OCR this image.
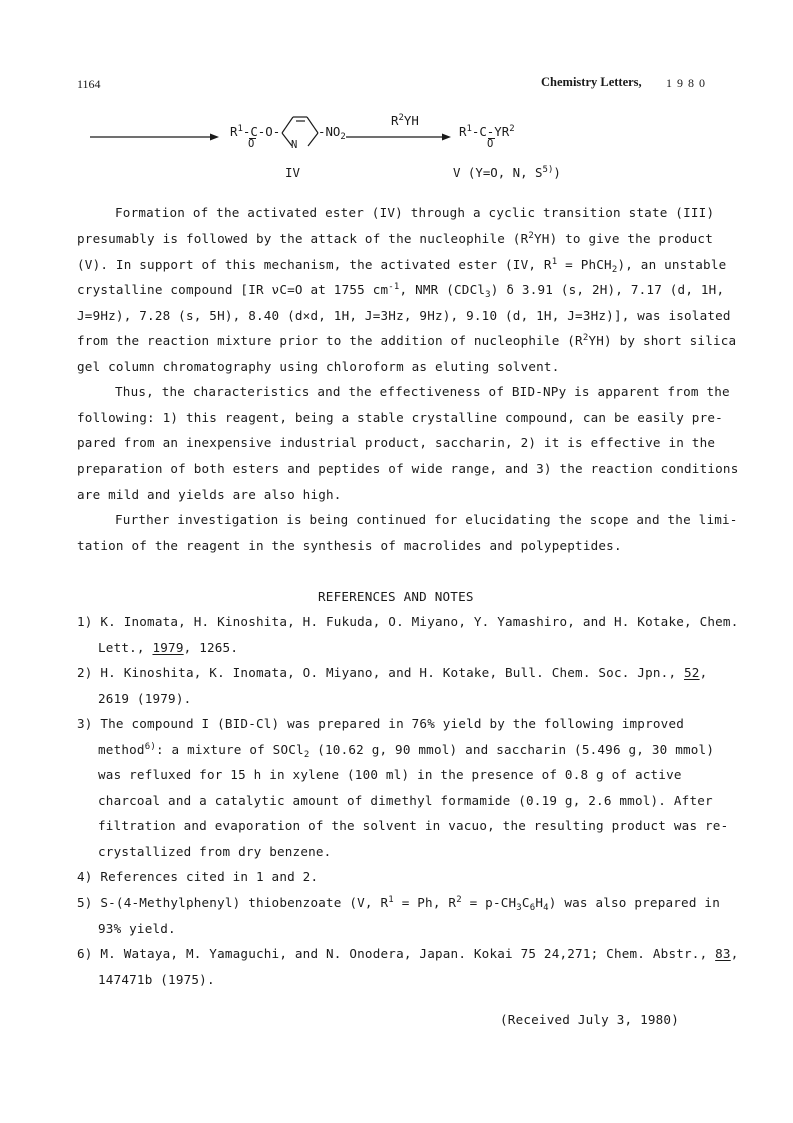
1164	Chemistry Letters, 1 9 8 0
$R^1-C-O-$
O	N
$-NO_2$
$R^2YH$
$R^1-C-YR^2$
O
IV	V (Y=O, N, $S^{5)}$)
Formation of the activated ester (IV) through a cyclic transition state (III)
presumably is followed by the attack of the nucleophile $(R^2YH)$ to give the product
(V). In support of this mechanism, the activated ester (IV, $R^1$ = PhCH$_2$), an unstable
crystalline compound [IR νC=O at 1755 $cm^{-1}$, NMR (CDCl$_3$) δ 3.91 (s, 2H), 7.17 (d, 1H,
J=9Hz), 7.28 (s, 5H), 8.40 (d×d, 1H, J=3Hz, 9Hz), 9.10 (d, 1H, J=3Hz)], was isolated
from the reaction mixture prior to the addition of nucleophile $(R^2YH)$ by short silica
gel column chromatography using chloroform as eluting solvent.
Thus, the characteristics and the effectiveness of BID-NPy is apparent from the
following: 1) this reagent, being a stable crystalline compound, can be easily pre-
pared from an inexpensive industrial product, saccharin, 2) it is effective in the
preparation of both esters and peptides of wide range, and 3) the reaction conditions
are mild and yields are also high.
Further investigation is being continued for elucidating the scope and the limi-
tation of the reagent in the synthesis of macrolides and polypeptides.
REFERENCES AND NOTES
1) K. Inomata, H. Kinoshita, H. Fukuda, O. Miyano, Y. Yamashiro, and H. Kotake, Chem.
Lett., 1979, 1265.
2) H. Kinoshita, K. Inomata, O. Miyano, and H. Kotake, Bull. Chem. Soc. Jpn., 52,
2619 (1979).
3) The compound I (BID-Cl) was prepared in 76% yield by the following improved
method$^{6)}$: a mixture of SOCl$_2$ (10.62 g, 90 mmol) and saccharin (5.496 g, 30 mmol)
was refluxed for 15 h in xylene (100 ml) in the presence of 0.8 g of active
charcoal and a catalytic amount of dimethyl formamide (0.19 g, 2.6 mmol). After
filtration and evaporation of the solvent in vacuo, the resulting product was re-
crystallized from dry benzene.
4) References cited in 1 and 2.
5) S-(4-Methylphenyl) thiobenzoate (V, $R^1 = Ph$, $R^2 = p-CH_3C_6H_4$) was also prepared in
93% yield.
6) M. Wataya, M. Yamaguchi, and N. Onodera, Japan. Kokai 75 24,271; Chem. Abstr., 83,
147471b (1975).
(Received July 3, 1980)
